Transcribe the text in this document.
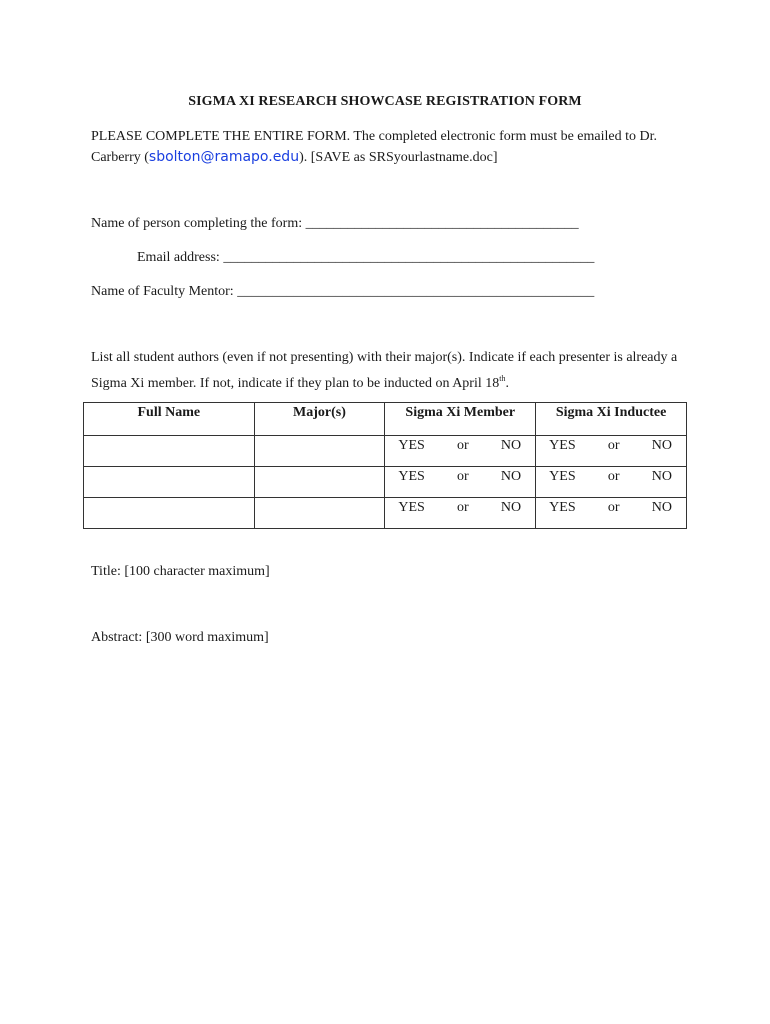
SIGMA XI RESEARCH SHOWCASE REGISTRATION FORM
PLEASE COMPLETE THE ENTIRE FORM. The completed electronic form must be emailed to Dr. Carberry (sbolton@ramapo.edu). [SAVE as SRSyourlastname.doc]
Name of person completing the form: _______________________________________
Email address: _____________________________________________________
Name of Faculty Mentor: ___________________________________________________
List all student authors (even if not presenting) with their major(s). Indicate if each presenter is already a Sigma Xi member. If not, indicate if they plan to be inducted on April 18th.
Full Name	Major(s)	Sigma Xi Member	Sigma Xi Inductee

		YES or NO	YES or NO

		YES or NO	YES or NO

		YES or NO	YES or NO
Title: [100 character maximum]
Abstract: [300 word maximum]
